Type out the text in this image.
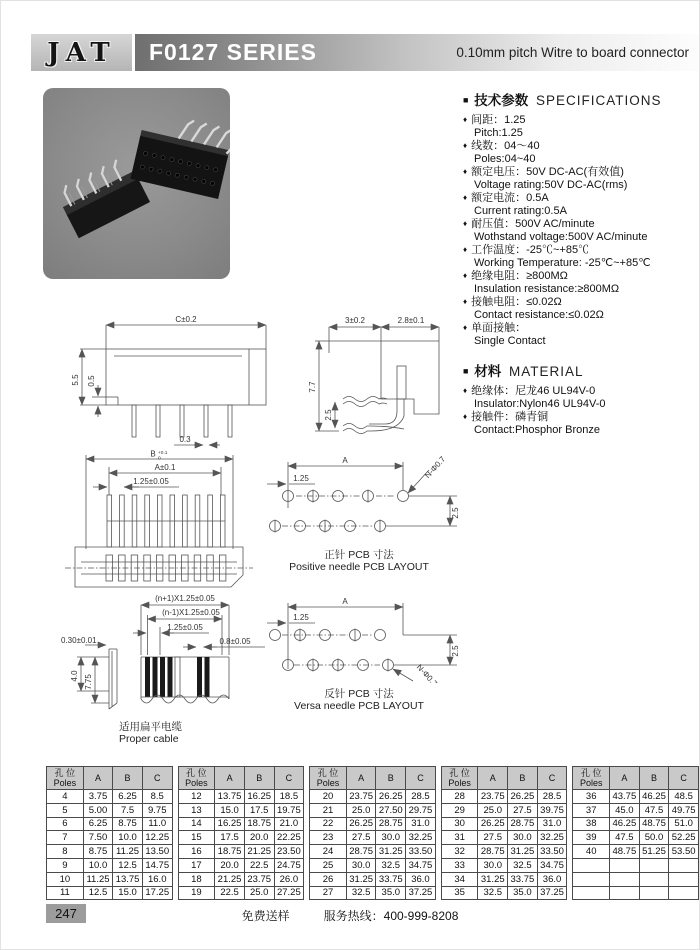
JAT F0127 SERIES	0.10mm pitch Witre to board connector
■ 技术参数 SPECIFICATIONS
♦ 间距：1.25
Pitch:1.25
♦ 线数：04～40
Poles:04~40
♦ 额定电压：50V DC-AC(有效值)
Voltage rating:50V DC-AC(rms)
♦ 额定电流：0.5A
Current rating:0.5A
♦ 耐压值：500V AC/minute
Wothstand voltage:500V AC/minute
♦ 工作温度：-25℃~+85℃
Working Temperature: -25℃~+85℃
♦ 绝缘电阻：≥800MΩ
Insulation resistance:≥800MΩ
♦ 接触电阻：≤0.02Ω
Contact resistance:≤0.02Ω
♦ 单面接触：
Single Contact
■ 材料 MATERIAL
♦ 绝缘体：尼龙46 UL94V-0
Insulator:Nylon46 UL94V-0
♦ 接触件：磷青铜
Contact:Phosphor Bronze
C±0.2
5.5 0.5
0.3
3±0.2	2.8±0.1
7.7
2.5
A
1.25	N-Φ0.7
2.5
正针 PCB 寸法
Positive needle PCB LAYOUT
B +0.1
0
A±0.1
1.25±0.05
(n+1)X1.25±0.05
(n-1)X1.25±0.05
1.25±0.05
0.8±0.05
0.30±0.01
4.0 7.75
适用扁平电缆
Proper cable
A
1.25
2.5
N-Φ0.7
反针 PCB 寸法
Versa needle PCB LAYOUT
孔 位
Poles	A	B	C
4	3.75	6.25	8.5
5	5.00	7.5	9.75
6	6.25	8.75	11.0
7	7.50	10.0	12.25
8	8.75	11.25	13.50
9	10.0	12.5	14.75
10	11.25	13.75	16.0
11	12.5	15.0	17.25
孔 位
Poles	A	B	C
12	13.75	16.25	18.5
13	15.0	17.5	19.75
14	16.25	18.75	21.0
15	17.5	20.0	22.25
16	18.75	21.25	23.50
17	20.0	22.5	24.75
18	21.25	23.75	26.0
19	22.5	25.0	27.25
孔 位
Poles	A	B	C
20	23.75	26.25	28.5
21	25.0	27.50	29.75
22	26.25	28.75	31.0
23	27.5	30.0	32.25
24	28.75	31.25	33.50
25	30.0	32.5	34.75
26	31.25	33.75	36.0
27	32.5	35.0	37.25
孔 位
Poles	A	B	C
28	23.75	26.25	28.5
29	25.0	27.5	39.75
30	26.25	28.75	31.0
31	27.5	30.0	32.25
32	28.75	31.25	33.50
33	30.0	32.5	34.75
34	31.25	33.75	36.0
35	32.5	35.0	37.25
孔 位
Poles	A	B	C
36	43.75	46.25	48.5
37	45.0	47.5	49.75
38	46.25	48.75	51.0
39	47.5	50.0	52.25
40	48.75	51.25	53.50

247	免费送样	服务热线：400-999-8208
